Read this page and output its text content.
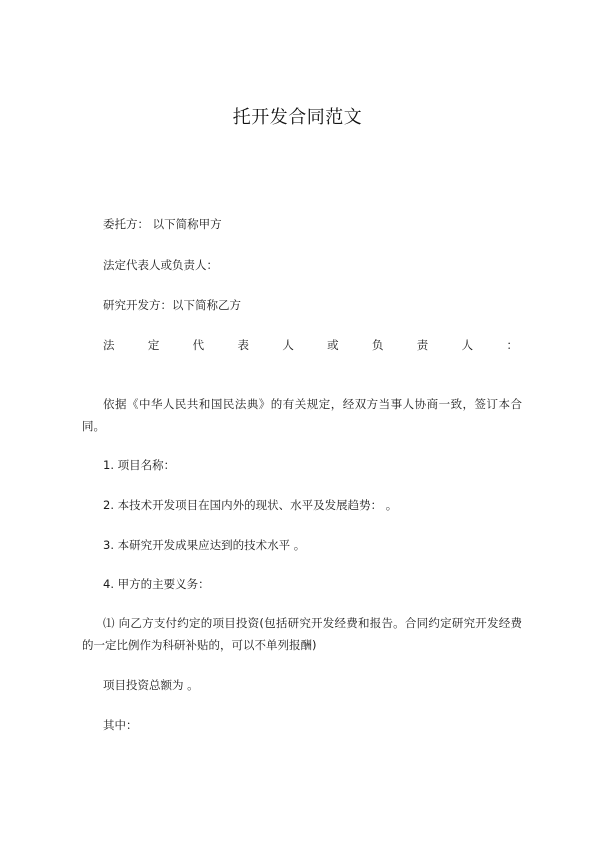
托开发合同范文
委托方： 以下简称甲方
法定代表人或负责人：
研究开发方：以下简称乙方
法	定	代	表	人	或	负	责	人	：
依据《中华人民共和国民法典》的有关规定，经双方当事人协商一致，签订本合同。
1. 项目名称：
2. 本技术开发项目在国内外的现状、水平及发展趋势： 。
3. 本研究开发成果应达到的技术水平 。
4. 甲方的主要义务：
⑴ 向乙方支付约定的项目投资(包括研究开发经费和报告。合同约定研究开发经费的一定比例作为科研补贴的，可以不单列报酬)
项目投资总额为 。
其中：
